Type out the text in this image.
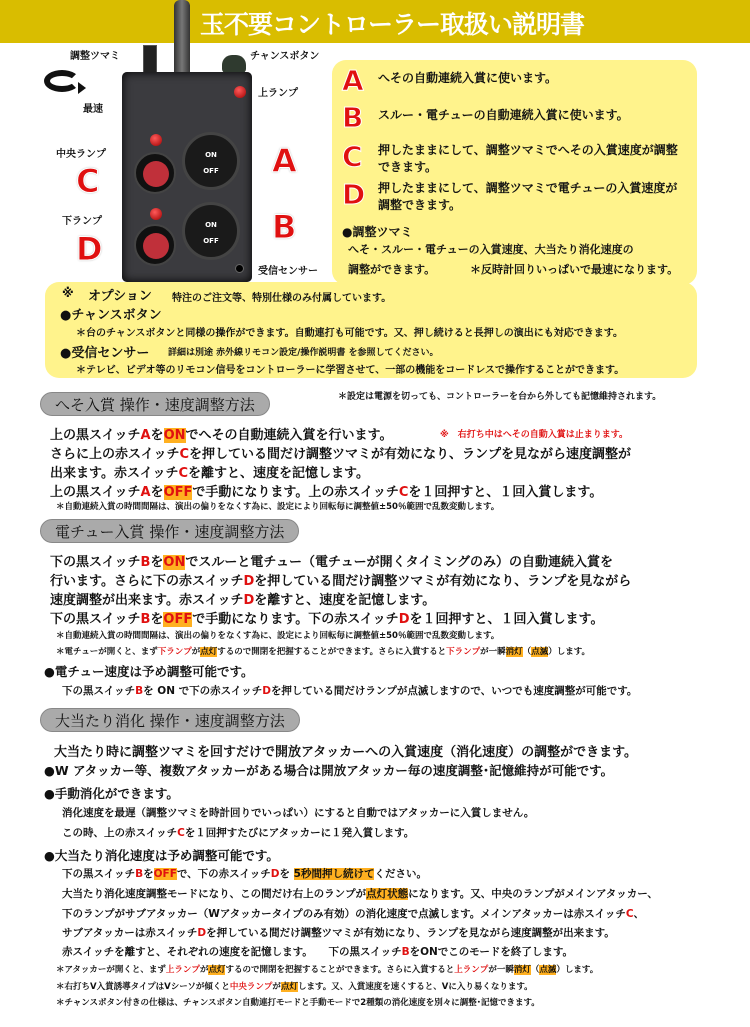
玉不要コントローラー取扱い説明書
ON
OFF
ON
OFF
調整ツマミ
最速
チャンスボタン
上ランプ
中央ランプ
下ランプ
受信センサー
A
B
C
D
A	へその自動連続入賞に使います。
B	スルー・電チューの自動連続入賞に使います。
C	押したままにして、調整ツマミでへその入賞速度が調整できます。
D	押したままにして、調整ツマミで電チューの入賞速度が調整できます。
●調整ツマミ
へそ・スルー・電チューの入賞速度、大当たり消化速度の
調整ができます。	＊反時計回りいっぱいで最速になります。
※ オプション 特注のご注文等、特別仕様のみ付属しています。
●チャンスボタン
＊台のチャンスボタンと同様の操作ができます。自動連打も可能です。又、押し続けると長押しの演出にも対応できます。
●受信センサー 詳細は別途 赤外線リモコン設定/操作説明書 を参照してください。
＊テレビ、ビデオ等のリモコン信号をコントローラーに学習させて、一部の機能をコードレスで操作することができます。
＊設定は電源を切っても、コントローラーを台から外しても記憶維持されます。
へそ入賞 操作・速度調整方法
上の黒スイッチAをONでへその自動連続入賞を行います。	※　右打ち中はへその自動入賞は止まります。
さらに上の赤スイッチCを押している間だけ調整ツマミが有効になり、ランプを見ながら速度調整が
出来ます。赤スイッチCを離すと、速度を記憶します。
上の黒スイッチAをOFFで手動になります。上の赤スイッチCを１回押すと、１回入賞します。
＊自動連続入賞の時間間隔は、演出の偏りをなくす為に、設定により回転毎に調整値±50％範囲で乱数変動します。
電チュー入賞 操作・速度調整方法
下の黒スイッチBをONでスルーと電チュー（電チューが開くタイミングのみ）の自動連続入賞を
行います。さらに下の赤スイッチDを押している間だけ調整ツマミが有効になり、ランプを見ながら
速度調整が出来ます。赤スイッチDを離すと、速度を記憶します。
下の黒スイッチBをOFFで手動になります。下の赤スイッチDを１回押すと、１回入賞します。
＊自動連続入賞の時間間隔は、演出の偏りをなくす為に、設定により回転毎に調整値±50％範囲で乱数変動します。
＊電チューが開くと、まず下ランプが点灯するので開閉を把握することができます。さらに入賞すると下ランプが一瞬消灯（点滅）します。
●電チュー速度は予め調整可能です。
下の黒スイッチBを ON で下の赤スイッチDを押している間だけランプが点滅しますので、いつでも速度調整が可能です。
大当たり消化 操作・速度調整方法
大当たり時に調整ツマミを回すだけで開放アタッカーへの入賞速度（消化速度）の調整ができます。
●W アタッカー等、複数アタッカーがある場合は開放アタッカー毎の速度調整･記憶維持が可能です。
●手動消化ができます。
消化速度を最遅（調整ツマミを時計回りでいっぱい）にすると自動ではアタッカーに入賞しません。
この時、上の赤スイッチCを１回押すたびにアタッカーに１発入賞します。
●大当たり消化速度は予め調整可能です。
下の黒スイッチBをOFFで、下の赤スイッチDを 5秒間押し続けてください。
大当たり消化速度調整モードになり、この間だけ右上のランプが点灯状態になります。又、中央のランプがメインアタッカー、
下のランプがサブアタッカー（Wアタッカータイプのみ有効）の消化速度で点滅します。メインアタッカーは赤スイッチC、
サブアタッカーは赤スイッチDを押している間だけ調整ツマミが有効になり、ランプを見ながら速度調整が出来ます。
赤スイッチを離すと、それぞれの速度を記憶します。　　下の黒スイッチBをONでこのモードを終了します。
＊アタッカーが開くと、まず上ランプが点灯するので開閉を把握することができます。さらに入賞すると上ランプが一瞬消灯（点滅）します。
＊右打ちV入賞誘導タイプはVシーソが傾くと中央ランプが点灯します。又、入賞速度を速くすると、Vに入り易くなります。
＊チャンスボタン付きの仕様は、チャンスボタン自動連打モードと手動モードで2種類の消化速度を別々に調整･記憶できます。
